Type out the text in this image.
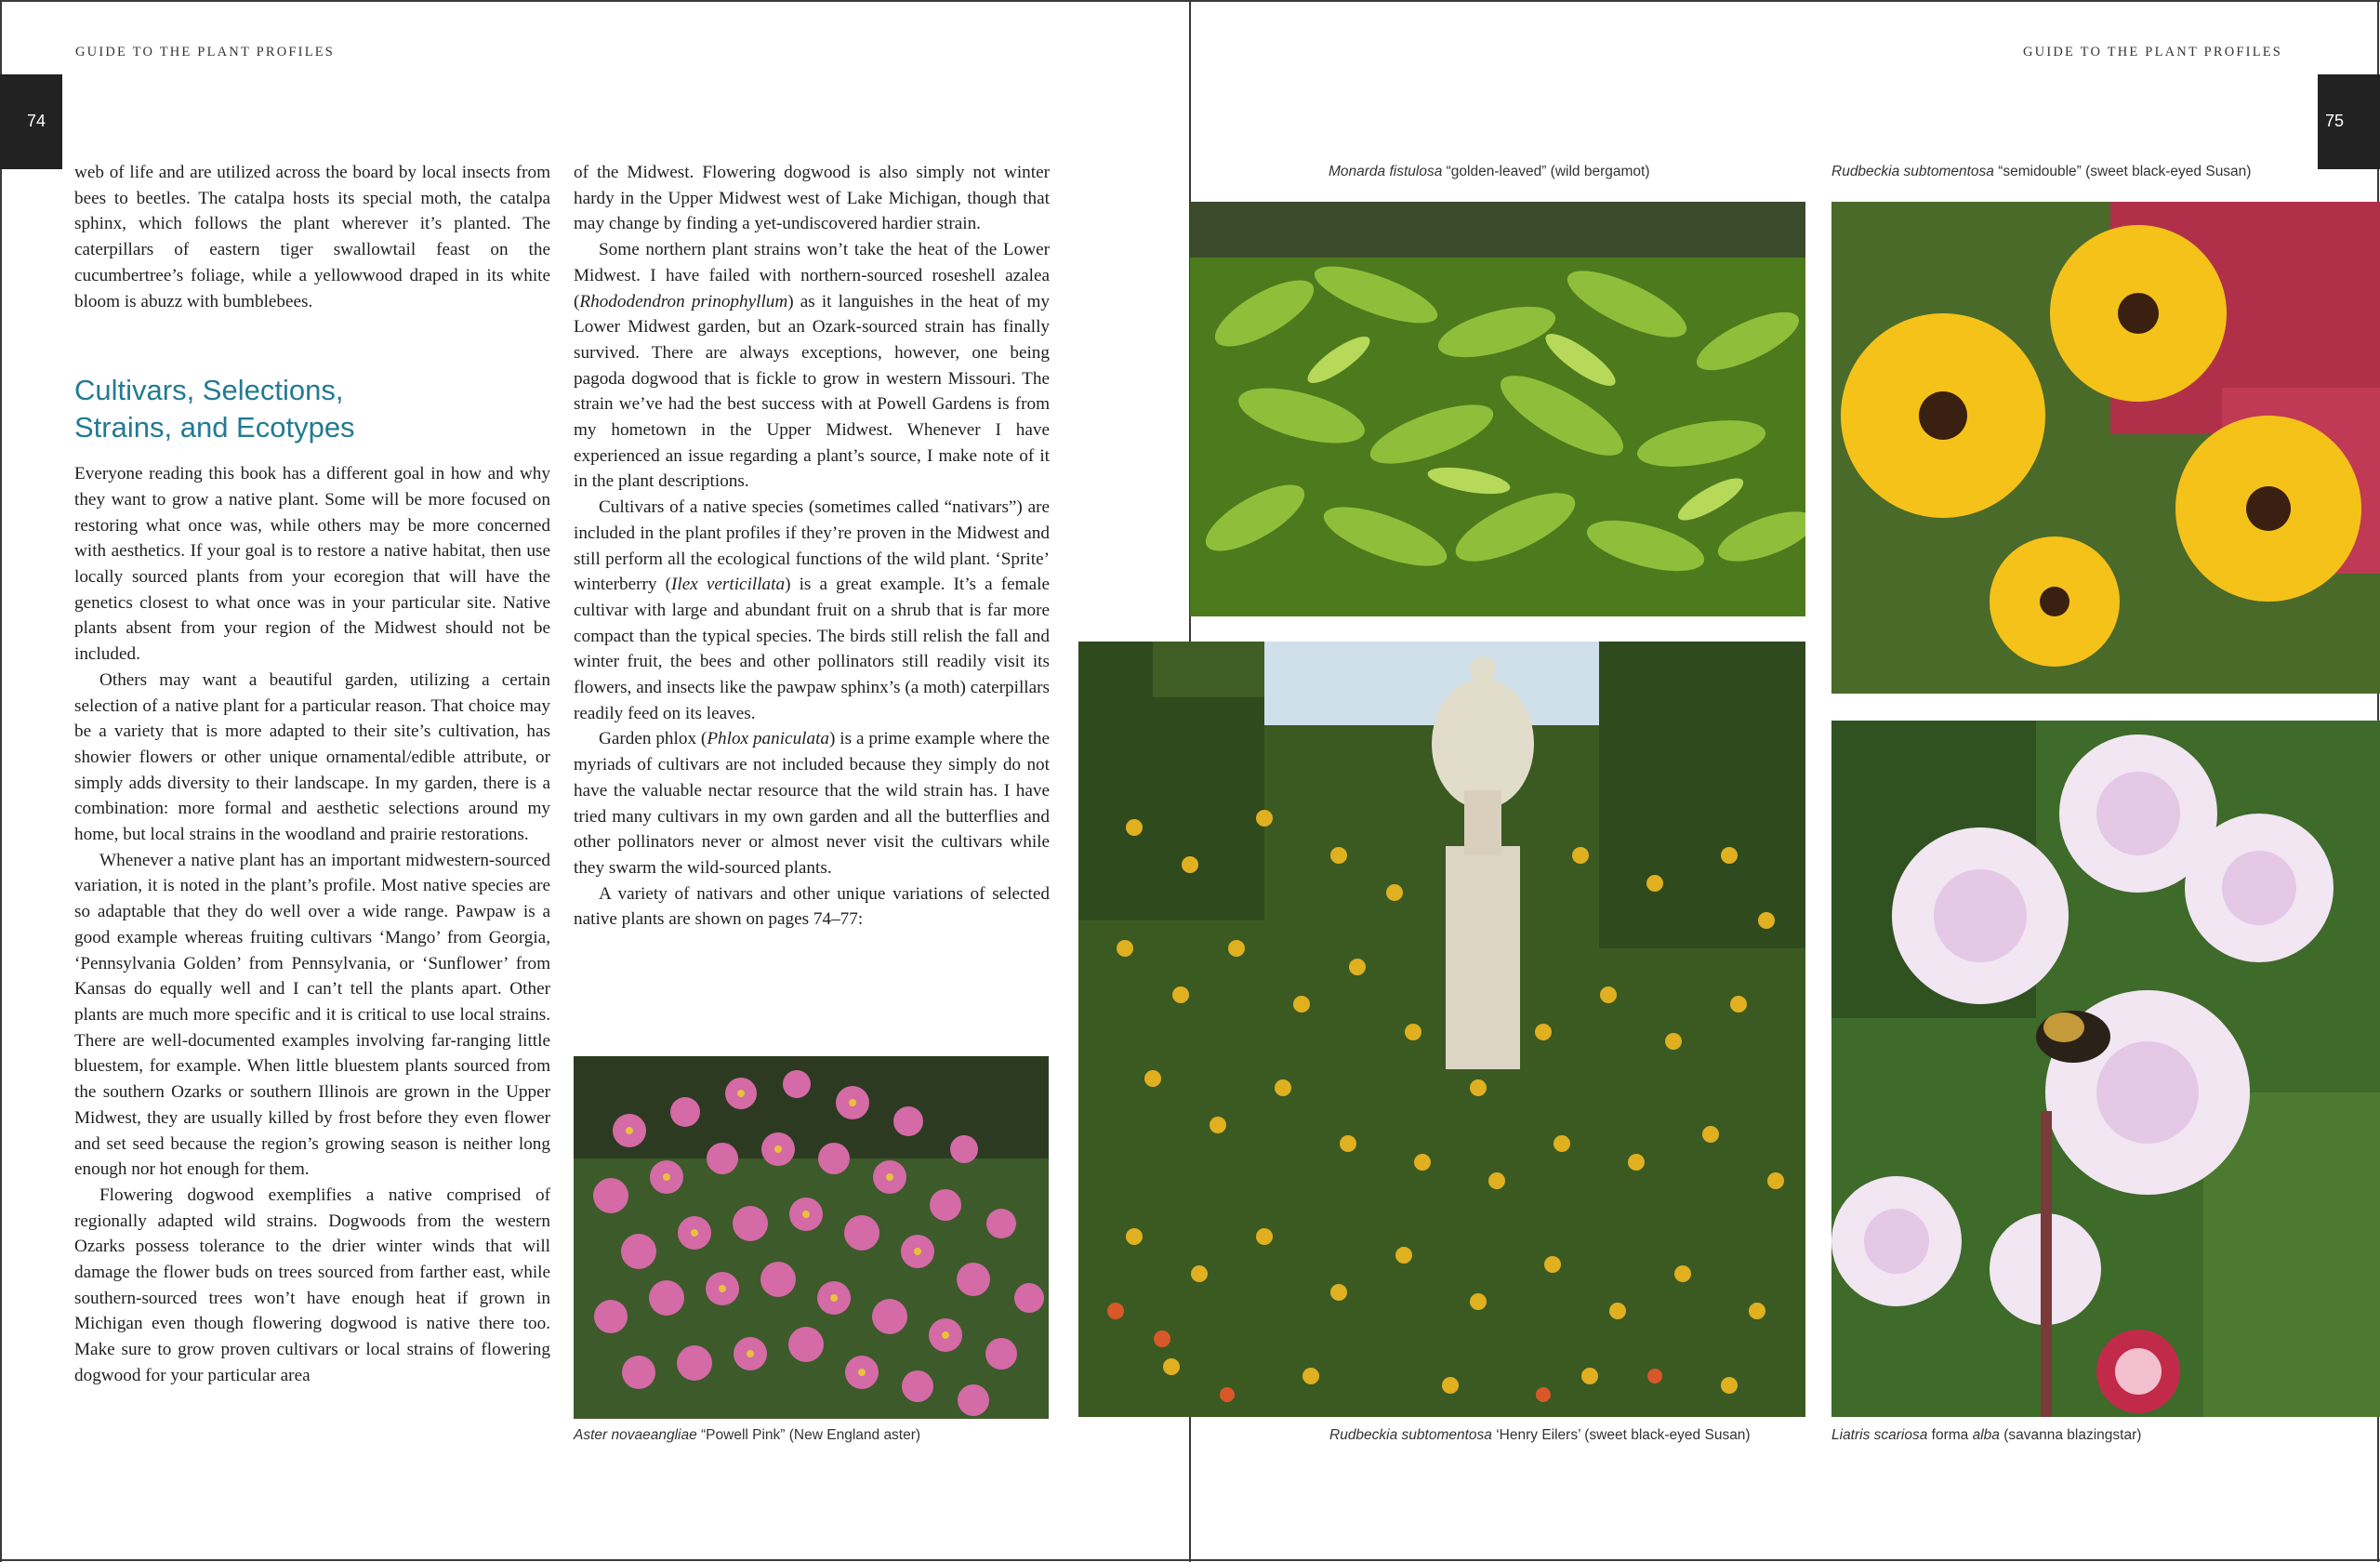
GUIDE TO THE PLANT PROFILES
74

web of life and are utilized across the board by local insects from bees to beetles. The catalpa hosts its special moth, the catalpa sphinx, which follows the plant wherever it’s planted. The caterpillars of eastern tiger swallowtail feast on the cucumbertree’s foliage, while a yellowwood draped in its white bloom is abuzz with bumblebees.

Cultivars, Selections,
Strains, and Ecotypes

Everyone reading this book has a different goal in how and why they want to grow a native plant. Some will be more focused on restoring what once was, while others may be more concerned with aesthetics. If your goal is to restore a native habitat, then use locally sourced plants from your ecoregion that will have the genetics closest to what once was in your particular site. Native plants absent from your region of the Midwest should not be included.

Others may want a beautiful garden, utilizing a certain selection of a native plant for a particular reason. That choice may be a variety that is more adapted to their site’s cultivation, has showier flowers or other unique ornamental/edible attribute, or simply adds diversity to their landscape. In my garden, there is a combination: more formal and aesthetic selections around my home, but local strains in the woodland and prairie restorations.

Whenever a native plant has an important midwestern-sourced variation, it is noted in the plant’s profile. Most native species are so adaptable that they do well over a wide range. Pawpaw is a good example whereas fruiting cultivars ‘Mango’ from Georgia, ‘Pennsylvania Golden’ from Pennsylvania, or ‘Sunflower’ from Kansas do equally well and I can’t tell the plants apart. Other plants are much more specific and it is critical to use local strains. There are well-documented examples involving far-ranging little bluestem, for example. When little bluestem plants sourced from the southern Ozarks or southern Illinois are grown in the Upper Midwest, they are usually killed by frost before they even flower and set seed because the region’s growing season is neither long enough nor hot enough for them.

Flowering dogwood exemplifies a native comprised of regionally adapted wild strains. Dogwoods from the western Ozarks possess tolerance to the drier winter winds that will damage the flower buds on trees sourced from farther east, while southern-sourced trees won’t have enough heat if grown in Michigan even though flowering dogwood is native there too. Make sure to grow proven cultivars or local strains of flowering dogwood for your particular area

of the Midwest. Flowering dogwood is also simply not winter hardy in the Upper Midwest west of Lake Michigan, though that may change by finding a yet-undiscovered hardier strain.

Some northern plant strains won’t take the heat of the Lower Midwest. I have failed with northern-sourced roseshell azalea (Rhododendron prinophyllum) as it languishes in the heat of my Lower Midwest garden, but an Ozark-sourced strain has finally survived. There are always exceptions, however, one being pagoda dogwood that is fickle to grow in western Missouri. The strain we’ve had the best success with at Powell Gardens is from my hometown in the Upper Midwest. Whenever I have experienced an issue regarding a plant’s source, I make note of it in the plant descriptions.

Cultivars of a native species (sometimes called “nativars”) are included in the plant profiles if they’re proven in the Midwest and still perform all the ecological functions of the wild plant. ‘Sprite’ winterberry (Ilex verticillata) is a great example. It’s a female cultivar with large and abundant fruit on a shrub that is far more compact than the typical species. The birds still relish the fall and winter fruit, the bees and other pollinators still readily visit its flowers, and insects like the pawpaw sphinx’s (a moth) caterpillars readily feed on its leaves.

Garden phlox (Phlox paniculata) is a prime example where the myriads of cultivars are not included because they simply do not have the valuable nectar resource that the wild strain has. I have tried many cultivars in my own garden and all the butterflies and other pollinators never or almost never visit the cultivars while they swarm the wild-sourced plants.

A variety of nativars and other unique variations of selected native plants are shown on pages 74–77:

Aster novaeangliae “Powell Pink” (New England aster)
GUIDE TO THE PLANT PROFILES
75
Monarda fistulosa “golden-leaved” (wild bergamot)	Rudbeckia subtomentosa “semidouble” (sweet black-eyed Susan)
Rudbeckia subtomentosa ‘Henry Eilers’ (sweet black-eyed Susan)	Liatris scariosa forma alba (savanna blazingstar)
